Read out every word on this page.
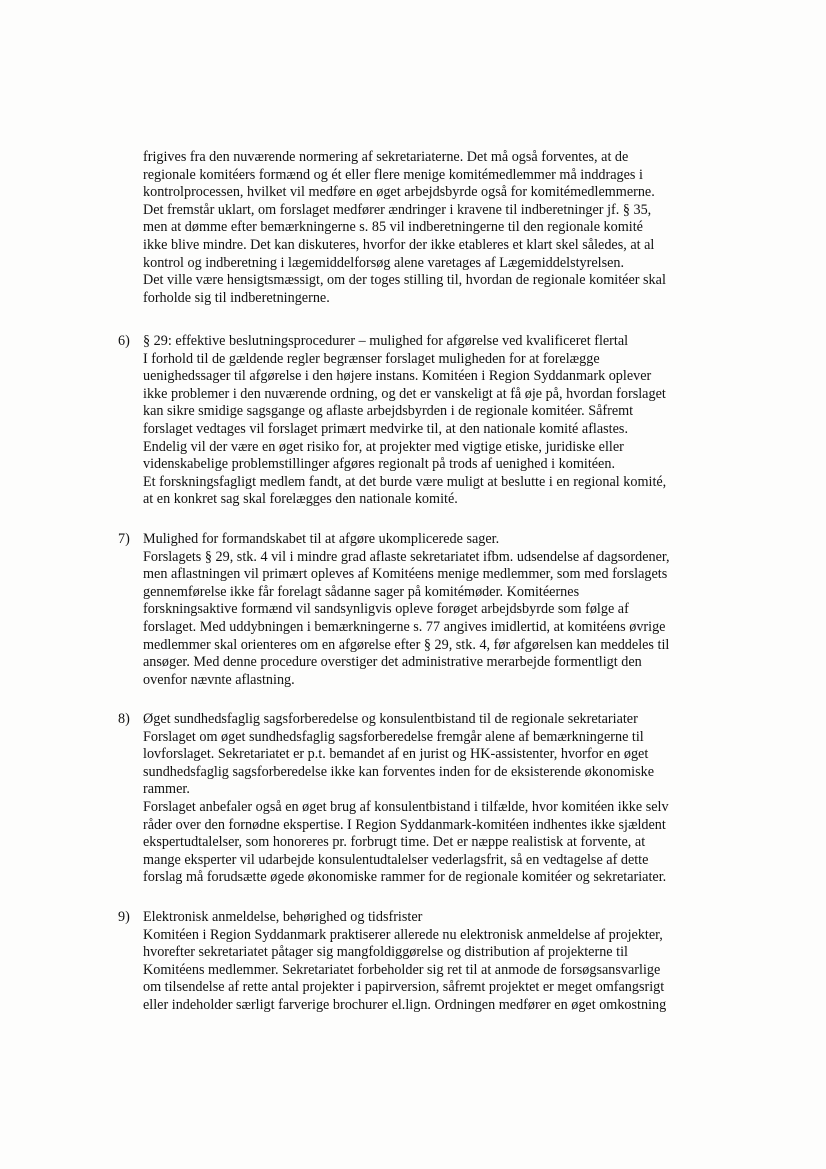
frigives fra den nuværende normering af sekretariaterne. Det må også forventes, at de
regionale komitéers formænd og ét eller flere menige komitémedlemmer må inddrages i
kontrolprocessen, hvilket vil medføre en øget arbejdsbyrde også for komitémedlemmerne.
Det fremstår uklart, om forslaget medfører ændringer i kravene til indberetninger jf. § 35,
men at dømme efter bemærkningerne s. 85 vil indberetningerne til den regionale komité
ikke blive mindre. Det kan diskuteres, hvorfor der ikke etableres et klart skel således, at al
kontrol og indberetning i lægemiddelforsøg alene varetages af Lægemiddelstyrelsen.
Det ville være hensigtsmæssigt, om der toges stilling til, hvordan de regionale komitéer skal
forholde sig til indberetningerne.
6) § 29: effektive beslutningsprocedurer – mulighed for afgørelse ved kvalificeret flertal
I forhold til de gældende regler begrænser forslaget muligheden for at forelægge
uenighedssager til afgørelse i den højere instans. Komitéen i Region Syddanmark oplever
ikke problemer i den nuværende ordning, og det er vanskeligt at få øje på, hvordan forslaget
kan sikre smidige sagsgange og aflaste arbejdsbyrden i de regionale komitéer. Såfremt
forslaget vedtages vil forslaget primært medvirke til, at den nationale komité aflastes.
Endelig vil der være en øget risiko for, at projekter med vigtige etiske, juridiske eller
videnskabelige problemstillinger afgøres regionalt på trods af uenighed i komitéen.
Et forskningsfagligt medlem fandt, at det burde være muligt at beslutte i en regional komité,
at en konkret sag skal forelægges den nationale komité.
7) Mulighed for formandskabet til at afgøre ukomplicerede sager.
Forslagets § 29, stk. 4 vil i mindre grad aflaste sekretariatet ifbm. udsendelse af dagsordener,
men aflastningen vil primært opleves af Komitéens menige medlemmer, som med forslagets
gennemførelse ikke får forelagt sådanne sager på komitémøder. Komitéernes
forskningsaktive formænd vil sandsynligvis opleve forøget arbejdsbyrde som følge af
forslaget. Med uddybningen i bemærkningerne s. 77 angives imidlertid, at komitéens øvrige
medlemmer skal orienteres om en afgørelse efter § 29, stk. 4, før afgørelsen kan meddeles til
ansøger. Med denne procedure overstiger det administrative merarbejde formentligt den
ovenfor nævnte aflastning.
8) Øget sundhedsfaglig sagsforberedelse og konsulentbistand til de regionale sekretariater
Forslaget om øget sundhedsfaglig sagsforberedelse fremgår alene af bemærkningerne til
lovforslaget. Sekretariatet er p.t. bemandet af en jurist og HK-assistenter, hvorfor en øget
sundhedsfaglig sagsforberedelse ikke kan forventes inden for de eksisterende økonomiske
rammer.
Forslaget anbefaler også en øget brug af konsulentbistand i tilfælde, hvor komitéen ikke selv
råder over den fornødne ekspertise. I Region Syddanmark-komitéen indhentes ikke sjældent
ekspertudtalelser, som honoreres pr. forbrugt time. Det er næppe realistisk at forvente, at
mange eksperter vil udarbejde konsulentudtalelser vederlagsfrit, så en vedtagelse af dette
forslag må forudsætte øgede økonomiske rammer for de regionale komitéer og sekretariater.
9) Elektronisk anmeldelse, behørighed og tidsfrister
Komitéen i Region Syddanmark praktiserer allerede nu elektronisk anmeldelse af projekter,
hvorefter sekretariatet påtager sig mangfoldiggørelse og distribution af projekterne til
Komitéens medlemmer. Sekretariatet forbeholder sig ret til at anmode de forsøgsansvarlige
om tilsendelse af rette antal projekter i papirversion, såfremt projektet er meget omfangsrigt
eller indeholder særligt farverige brochurer el.lign. Ordningen medfører en øget omkostning
